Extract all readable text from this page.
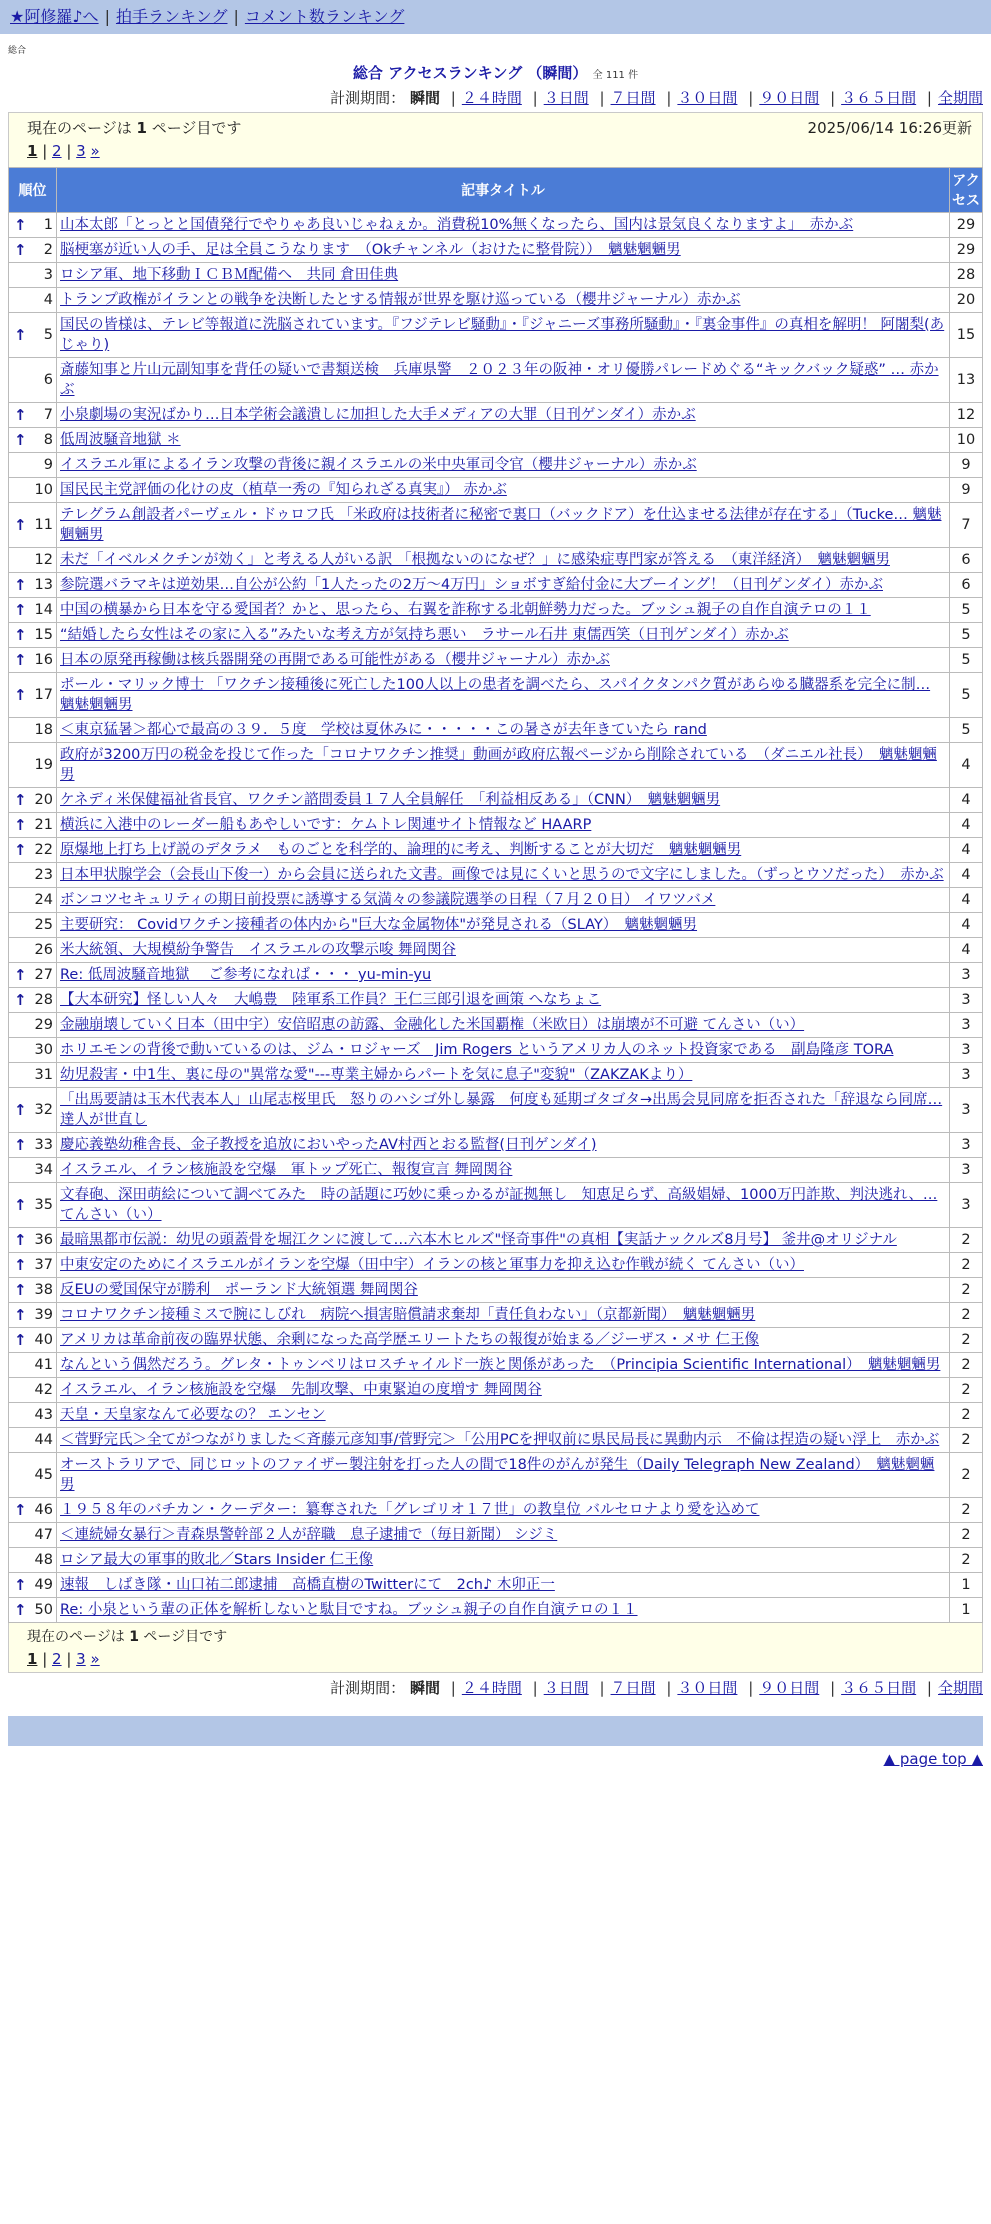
★阿修羅♪へ | 拍手ランキング | コメント数ランキング
総合
総合 アクセスランキング （瞬間） 全 111 件
計測期間： 瞬間 | ２４時間 | ３日間 | ７日間 | ３０日間 | ９０日間 | ３６５日間 | 全期間
現在のページは 1 ページ目です	2025/06/14 16:26更新
1 | 2 | 3 »
順位	記事タイトル	アクセス

↑ 1	山本太郎「とっとと国債発行でやりゃあ良いじゃねぇか。消費税10%無くなったら、国内は景気良くなりますよ」　赤かぶ	29

↑ 2	脳梗塞が近い人の手、足は全員こうなります　（Okチャンネル（おけたに整骨院））　魑魅魍魎男	29
3	ロシア軍、地下移動ＩＣＢＭ配備へ　共同 倉田佳典	28
4	トランプ政権がイランとの戦争を決断したとする情報が世界を駆け巡っている（櫻井ジャーナル）赤かぶ	20

↑ 5	国民の皆様は、テレビ等報道に洗脳されています。『フジテレビ騒動』・『ジャニーズ事務所騒動』・『裏金事件』の真相を解明！ 阿闍梨(あじゃり)	15
6	斎藤知事と片山元副知事を背任の疑いで書類送検　兵庫県警　２０２３年の阪神・オリ優勝パレードめぐる“キックバック疑惑” … 赤かぶ	13

↑ 7	小泉劇場の実況ばかり…日本学術会議潰しに加担した大手メディアの大罪（日刊ゲンダイ）赤かぶ	12

↑ 8	低周波騒音地獄 ＊	10
9	イスラエル軍によるイラン攻撃の背後に親イスラエルの米中央軍司令官（櫻井ジャーナル）赤かぶ	9
10	国民民主党評価の化けの皮（植草一秀の『知られざる真実』） 赤かぶ	9

↑ 11	テレグラム創設者パーヴェル・ドゥロフ氏 「米政府は技術者に秘密で裏口（バックドア）を仕込ませる法律が存在する」（Tucke… 魑魅魍魎男	7
12	未だ「イベルメクチンが効く」と考える人がいる訳 「根拠ないのになぜ？」に感染症専門家が答える　（東洋経済）　魑魅魍魎男	6

↑ 13	参院選バラマキは逆効果…自公が公約「1人たったの2万〜4万円」ショボすぎ給付金に大ブーイング！（日刊ゲンダイ）赤かぶ	6

↑ 14	中国の横暴から日本を守る愛国者？かと、思ったら、右翼を詐称する北朝鮮勢力だった。ブッシュ親子の自作自演テロの１１	5

↑ 15	“結婚したら女性はその家に入る”みたいな考え方が気持ち悪い　ラサール石井 東儒西笑（日刊ゲンダイ）赤かぶ	5

↑ 16	日本の原発再稼働は核兵器開発の再開である可能性がある（櫻井ジャーナル）赤かぶ	5

↑ 17	ポール・マリック博士 「ワクチン接種後に死亡した100人以上の患者を調べたら、スパイクタンパク質があらゆる臓器系を完全に制… 魑魅魍魎男	5
18	＜東京猛暑＞都心で最高の３９．５度　学校は夏休みに・・・・・この暑さが去年きていたら rand	5
19	政府が3200万円の税金を投じて作った「コロナワクチン推奨」動画が政府広報ページから削除されている　（ダニエル社長）　魑魅魍魎男	4

↑ 20	ケネディ米保健福祉省長官、ワクチン諮問委員１７人全員解任　「利益相反ある」（CNN）　魑魅魍魎男	4

↑ 21	横浜に入港中のレーダー船もあやしいです：ケムトレ関連サイト情報など HAARP	4

↑ 22	原爆地上打ち上げ説のデタラメ　ものごとを科学的、論理的に考え、判断することが大切だ　魑魅魍魎男	4
23	日本甲状腺学会（会長山下俊一）から会員に送られた文書。画像では見にくいと思うので文字にしました。（ずっとウソだった）　赤かぶ	4
24	ボンコツセキュリティの期日前投票に誘導する気満々の参議院選挙の日程（７月２０日） イワツバメ	4
25	主要研究： Covidワクチン接種者の体内から"巨大な金属物体"が発見される（SLAY）　魑魅魍魎男	4
26	米大統領、大規模紛争警告　イスラエルの攻撃示唆 舞岡関谷	4

↑ 27	Re: 低周波騒音地獄　 ご参考になれば・・・ yu-min-yu	3

↑ 28	【大本研究】怪しい人々　大嶋豊　陸軍系工作員？王仁三郎引退を画策 へなちょこ	3
29	金融崩壊していく日本（田中宇）安倍昭恵の訪露、金融化した米国覇権（米欧日）は崩壊が不可避 てんさい（い）	3
30	ホリエモンの背後で動いているのは、ジム・ロジャーズ　Jim Rogers というアメリカ人のネット投資家である　副島隆彦 TORA	3
31	幼児殺害・中1生、裏に母の"異常な愛"---専業主婦からパートを気に息子"変貌"（ZAKZAKより）	3

↑ 32	「出馬要請は玉木代表本人」山尾志桜里氏　怒りのハシゴ外し暴露　何度も延期ゴタゴタ→出馬会見同席を拒否された「辞退なら同席… 達人が世直し	3

↑ 33	慶応義塾幼稚舎長、金子教授を追放においやったAV村西とおる監督(日刊ゲンダイ)	3
34	イスラエル、イラン核施設を空爆　軍トップ死亡、報復宣言 舞岡関谷	3

↑ 35	文春砲、深田萌絵について調べてみた　時の話題に巧妙に乗っかるが証拠無し　知恵足らず、高級娼婦、1000万円詐欺、判決逃れ、… てんさい（い）	3

↑ 36	最暗黒都市伝説：幼児の頭蓋骨を堀江クンに渡して…六本木ヒルズ"怪奇事件"の真相【実話ナックルズ8月号】 釜井@オリジナル	2

↑ 37	中東安定のためにイスラエルがイランを空爆（田中宇）イランの核と軍事力を抑え込む作戦が続く てんさい（い）	2

↑ 38	反EUの愛国保守が勝利　ポーランド大統領選 舞岡関谷	2

↑ 39	コロナワクチン接種ミスで腕にしびれ　病院へ損害賠償請求棄却「責任負わない」（京都新聞）　魑魅魍魎男	2

↑ 40	アメリカは革命前夜の臨界状態、余剰になった高学歴エリートたちの報復が始まる／ジーザス・メサ 仁王像	2
41	なんという偶然だろう。グレタ・トゥンベリはロスチャイルド一族と関係があった　（Principia Scientific International）　魑魅魍魎男	2
42	イスラエル、イラン核施設を空爆　先制攻撃、中東緊迫の度増す 舞岡関谷	2
43	天皇・天皇家なんて必要なの？ エンセン	2
44	＜菅野完氏＞全てがつながりました＜斉藤元彦知事/菅野完＞「公用PCを押収前に県民局長に異動内示　不倫は捏造の疑い浮上　赤かぶ	2
45	オーストラリアで、同じロットのファイザー製注射を打った人の間で18件のがんが発生（Daily Telegraph New Zealand）　魑魅魍魎男	2

↑ 46	１９５８年のバチカン・クーデター：纂奪された「グレゴリオ１７世」の教皇位 バルセロナより愛を込めて	2
47	＜連続婦女暴行＞青森県警幹部２人が辞職　息子逮捕で（毎日新聞） シジミ	2
48	ロシア最大の軍事的敗北／Stars Insider 仁王像	2

↑ 49	速報　しばき隊・山口祐二郎逮捕　高橋直樹のTwitterにて　2ch♪ 木卯正一	1

↑ 50	Re: 小泉という輩の正体を解析しないと駄目ですね。ブッシュ親子の自作自演テロの１１	1
現在のページは 1 ページ目です
1 | 2 | 3 »
計測期間： 瞬間 | ２４時間 | ３日間 | ７日間 | ３０日間 | ９０日間 | ３６５日間 | 全期間
▲ page top ▲
